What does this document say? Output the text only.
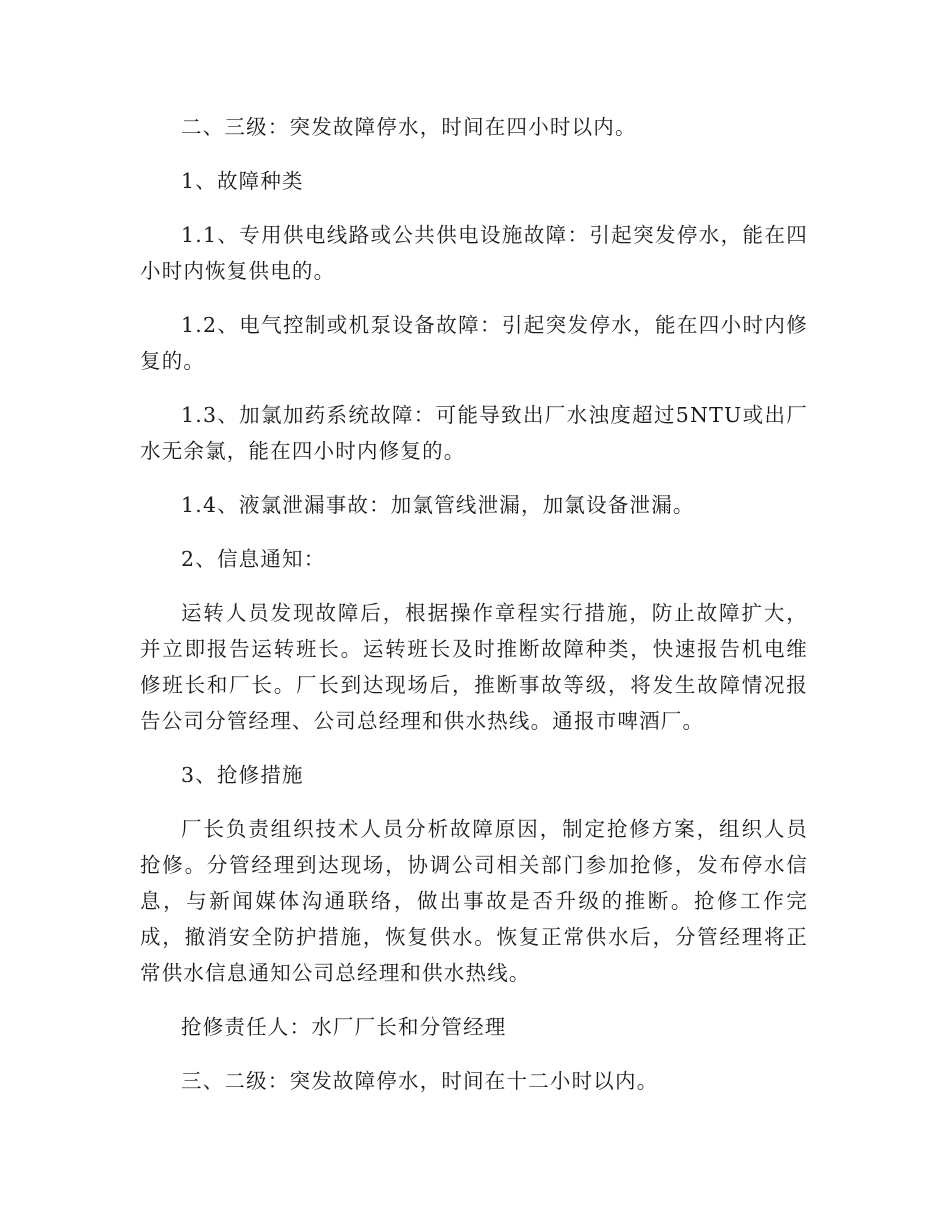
二、三级：突发故障停水，时间在四小时以内。

1、故障种类

1.1、专用供电线路或公共供电设施故障：引起突发停水，能在四小时内恢复供电的。

1.2、电气控制或机泵设备故障：引起突发停水，能在四小时内修复的。

1.3、加氯加药系统故障：可能导致出厂水浊度超过5NTU或出厂水无余氯，能在四小时内修复的。

1.4、液氯泄漏事故：加氯管线泄漏，加氯设备泄漏。

2、信息通知：

运转人员发现故障后，根据操作章程实行措施，防止故障扩大，并立即报告运转班长。运转班长及时推断故障种类，快速报告机电维修班长和厂长。厂长到达现场后，推断事故等级，将发生故障情况报告公司分管经理、公司总经理和供水热线。通报市啤酒厂。

3、抢修措施

厂长负责组织技术人员分析故障原因，制定抢修方案，组织人员抢修。分管经理到达现场，协调公司相关部门参加抢修，发布停水信息，与新闻媒体沟通联络，做出事故是否升级的推断。抢修工作完成，撤消安全防护措施，恢复供水。恢复正常供水后，分管经理将正常供水信息通知公司总经理和供水热线。

抢修责任人：水厂厂长和分管经理

三、二级：突发故障停水，时间在十二小时以内。
